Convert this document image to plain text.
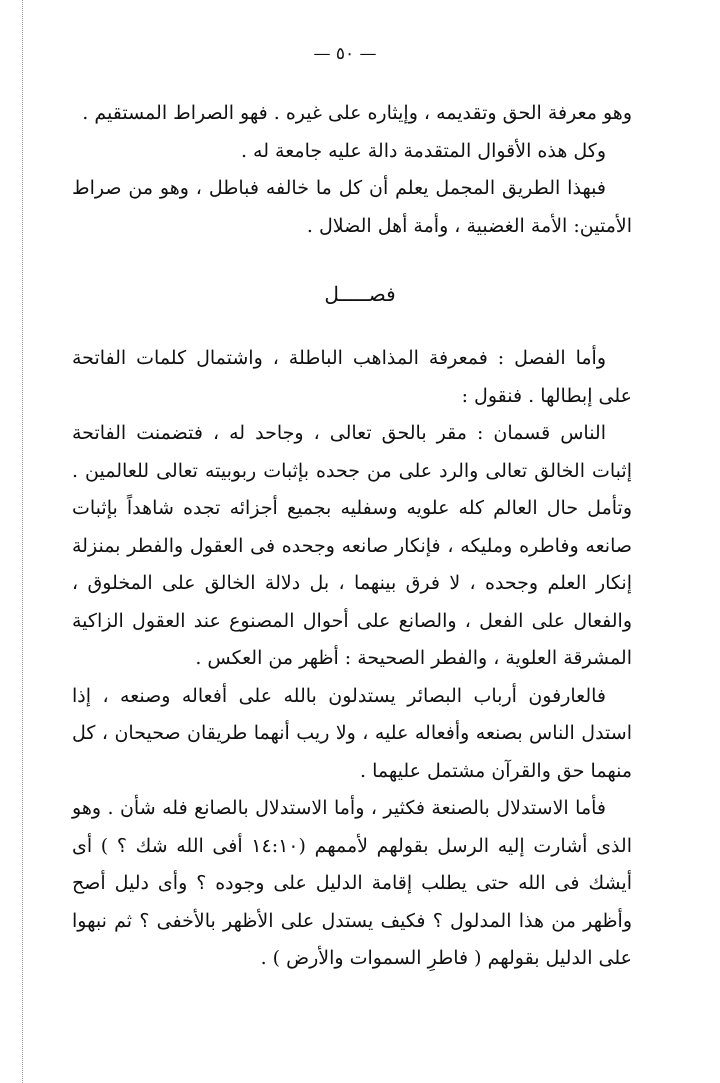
— ٥٠ —

وهو معرفة الحق وتقديمه ، وإيثاره على غيره . فهو الصراط المستقيم .

وكل هذه الأقوال المتقدمة دالة عليه جامعة له .

فبهذا الطريق المجمل يعلم أن كل ما خالفه فباطل ، وهو من صراط الأمتين: الأمة الغضبية ، وأمة أهل الضلال .

فصـــــل

وأما الفصل : فمعرفة المذاهب الباطلة ، واشتمال كلمات الفاتحة على إبطالها . فنقول :

الناس قسمان : مقر بالحق تعالى ، وجاحد له ، فتضمنت الفاتحة إثبات الخالق تعالى والرد على من جحده بإثبات ربوبيته تعالى للعالمين . وتأمل حال العالم كله علويه وسفليه بجميع أجزائه تجده شاهداً بإثبات صانعه وفاطره ومليكه ، فإنكار صانعه وجحده فى العقول والفطر بمنزلة إنكار العلم وجحده ، لا فرق بينهما ، بل دلالة الخالق على المخلوق ، والفعال على الفعل ، والصانع على أحوال المصنوع عند العقول الزاكية المشرقة العلوية ، والفطر الصحيحة : أظهر من العكس .

فالعارفون أرباب البصائر يستدلون بالله على أفعاله وصنعه ، إذا استدل الناس بصنعه وأفعاله عليه ، ولا ريب أنهما طريقان صحيحان ، كل منهما حق والقرآن مشتمل عليهما .

فأما الاستدلال بالصنعة فكثير ، وأما الاستدلال بالصانع فله شأن . وهو الذى أشارت إليه الرسل بقولهم لأممهم (١٤:١٠ أفى الله شك ؟ ) أى أيشك فى الله حتى يطلب إقامة الدليل على وجوده ؟ وأى دليل أصح وأظهر من هذا المدلول ؟ فكيف يستدل على الأظهر بالأخفى ؟ ثم نبهوا على الدليل بقولهم ( فاطرِ السموات والأرض ) .
